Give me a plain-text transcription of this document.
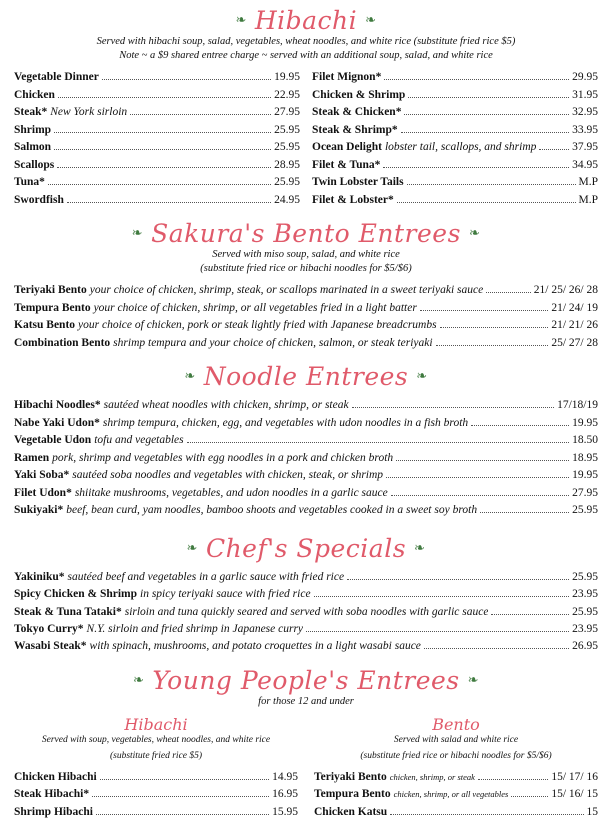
❧ Hibachi ❧
Served with hibachi soup, salad, vegetables, wheat noodles, and white rice (substitute fried rice $5)
Note ~ a $9 shared entree charge ~ served with an additional soup, salad, and white rice
Vegetable Dinner	19.95
Chicken	22.95
Steak* New York sirloin	27.95
Shrimp	25.95
Salmon	25.95
Scallops	28.95
Tuna*	25.95
Swordfish	24.95
Filet Mignon*	29.95
Chicken & Shrimp	31.95
Steak & Chicken*	32.95
Steak & Shrimp*	33.95
Ocean Delight lobster tail, scallops, and shrimp	37.95
Filet & Tuna*	34.95
Twin Lobster Tails	M.P
Filet & Lobster*	M.P
❧ Sakura's Bento Entrees ❧
Served with miso soup, salad, and white rice
(substitute fried rice or hibachi noodles for $5/$6)
Teriyaki Bento your choice of chicken, shrimp, steak, or scallops marinated in a sweet teriyaki sauce	21/ 25/ 26/ 28
Tempura Bento your choice of chicken, shrimp, or all vegetables fried in a light batter	21/ 24/ 19
Katsu Bento your choice of chicken, pork or steak lightly fried with Japanese breadcrumbs	21/ 21/ 26
Combination Bento shrimp tempura and your choice of chicken, salmon, or steak teriyaki	25/ 27/ 28
❧ Noodle Entrees ❧
Hibachi Noodles* sautéed wheat noodles with chicken, shrimp, or steak	17/18/19
Nabe Yaki Udon* shrimp tempura, chicken, egg, and vegetables with udon noodles in a fish broth	19.95
Vegetable Udon tofu and vegetables	18.50
Ramen pork, shrimp and vegetables with egg noodles in a pork and chicken broth	18.95
Yaki Soba* sautéed soba noodles and vegetables with chicken, steak, or shrimp	19.95
Filet Udon* shiitake mushrooms, vegetables, and udon noodles in a garlic sauce	27.95
Sukiyaki* beef, bean curd, yam noodles, bamboo shoots and vegetables cooked in a sweet soy broth	25.95
❧ Chef's Specials ❧
Yakiniku* sautéed beef and vegetables in a garlic sauce with fried rice	25.95
Spicy Chicken & Shrimp in spicy teriyaki sauce with fried rice	23.95
Steak & Tuna Tataki* sirloin and tuna quickly seared and served with soba noodles with garlic sauce	25.95
Tokyo Curry* N.Y. sirloin and fried shrimp in Japanese curry	23.95
Wasabi Steak* with spinach, mushrooms, and potato croquettes in a light wasabi sauce	26.95
❧ Young People's Entrees ❧
for those 12 and under
Hibachi
Served with soup, vegetables, wheat noodles, and white rice
(substitute fried rice $5)
Chicken Hibachi	14.95
Steak Hibachi*	16.95
Shrimp Hibachi	15.95
Bento
Served with salad and white rice
(substitute fried rice or hibachi noodles for $5/$6)
Teriyaki Bento chicken, shrimp, or steak	15/ 17/ 16
Tempura Bento chicken, shrimp, or all vegetables	15/ 16/ 15
Chicken Katsu	15
